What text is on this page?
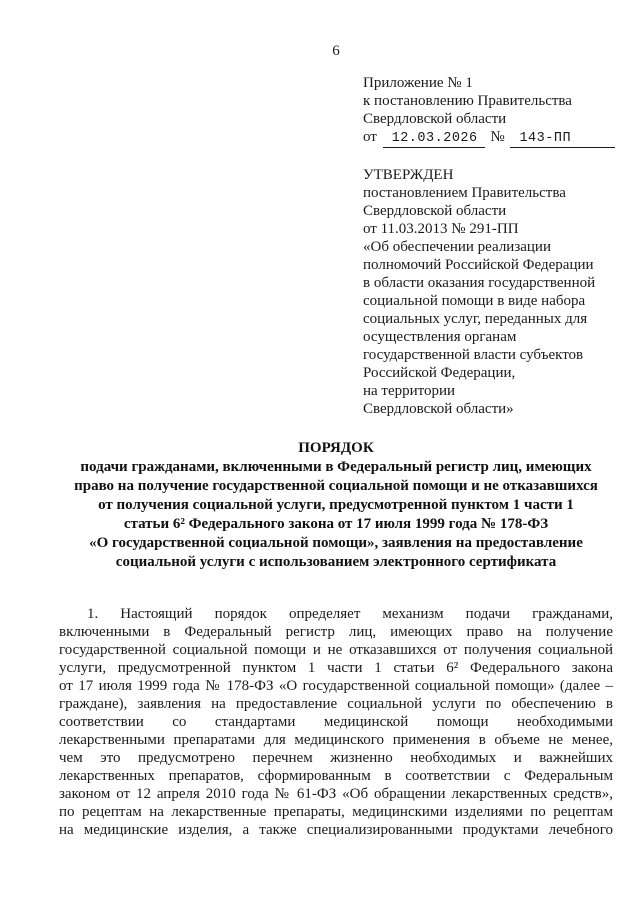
6
Приложение № 1
к постановлению Правительства
Свердловской области
от 12.03.2026 № 143-ПП
УТВЕРЖДЕН
постановлением Правительства
Свердловской области
от 11.03.2013 № 291-ПП
«Об обеспечении реализации
полномочий Российской Федерации
в области оказания государственной
социальной помощи в виде набора
социальных услуг, переданных для
осуществления органам
государственной власти субъектов
Российской Федерации,
на территории
Свердловской области»
ПОРЯДОК
подачи гражданами, включенными в Федеральный регистр лиц, имеющих
право на получение государственной социальной помощи и не отказавшихся
от получения социальной услуги, предусмотренной пунктом 1 части 1
статьи 6² Федерального закона от 17 июля 1999 года № 178-ФЗ
«О государственной социальной помощи», заявления на предоставление
социальной услуги с использованием электронного сертификата
1. Настоящий порядок определяет механизм подачи гражданами,
включенными в Федеральный регистр лиц, имеющих право на получение
государственной социальной помощи и не отказавшихся от получения социальной
услуги, предусмотренной пунктом 1 части 1 статьи 6² Федерального закона
от 17 июля 1999 года № 178-ФЗ «О государственной социальной помощи» (далее –
граждане), заявления на предоставление социальной услуги по обеспечению в
соответствии со стандартами медицинской помощи необходимыми
лекарственными препаратами для медицинского применения в объеме не менее,
чем это предусмотрено перечнем жизненно необходимых и важнейших
лекарственных препаратов, сформированным в соответствии с Федеральным
законом от 12 апреля 2010 года № 61-ФЗ «Об обращении лекарственных средств»,
по рецептам на лекарственные препараты, медицинскими изделиями по рецептам
на медицинские изделия, а также специализированными продуктами лечебного
